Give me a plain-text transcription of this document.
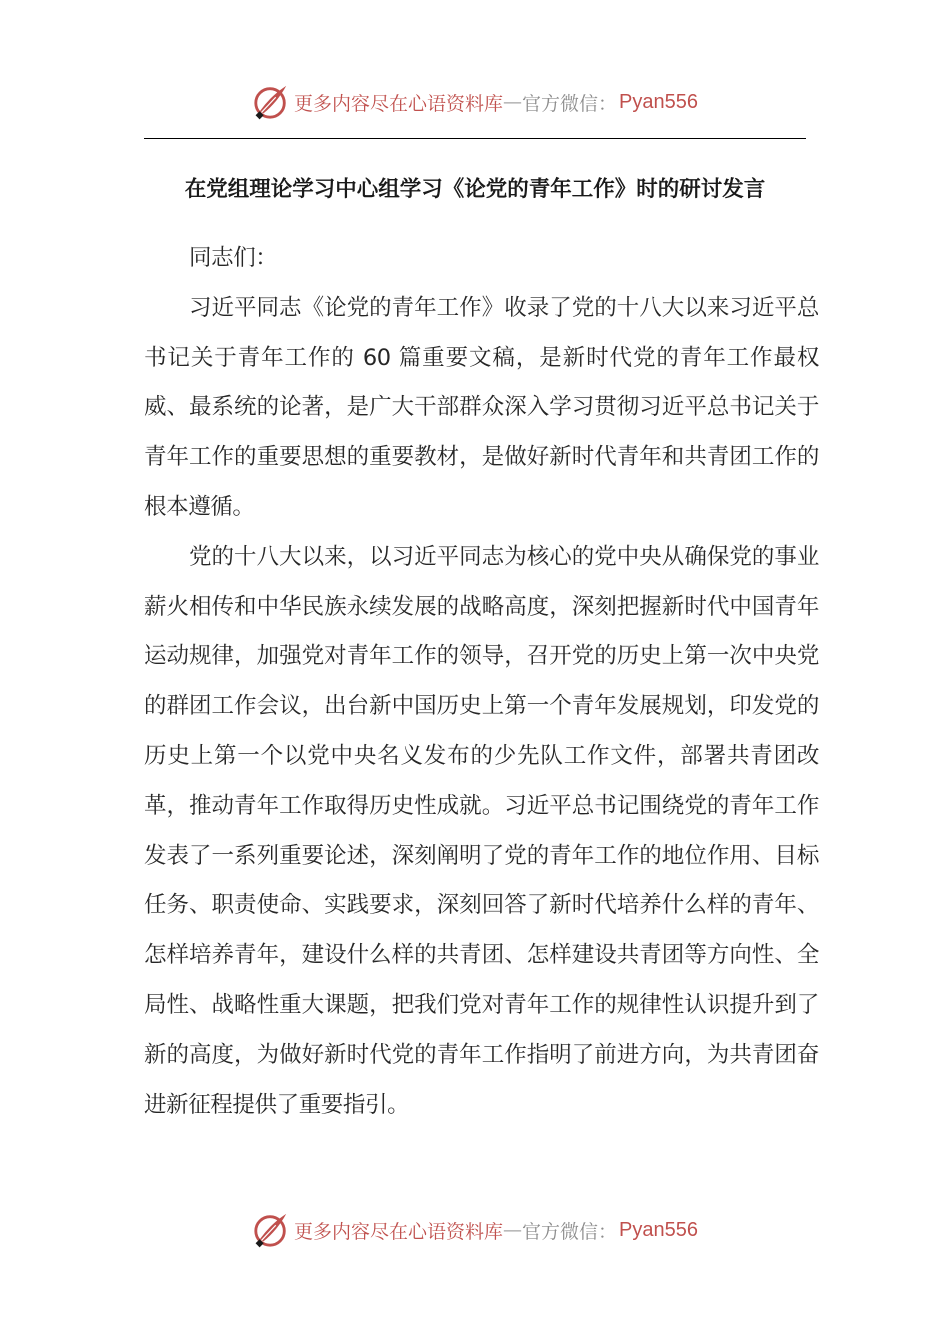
更多内容尽在心语资料库 — 官方微信： Pyan556
在党组理论学习中心组学习《论党的青年工作》时的研讨发言

同志们：

习近平同志《论党的青年工作》收录了党的十八大以来习近平总书记关于青年工作的 60 篇重要文稿，是新时代党的青年工作最权威、最系统的论著，是广大干部群众深入学习贯彻习近平总书记关于青年工作的重要思想的重要教材，是做好新时代青年和共青团工作的根本遵循。

党的十八大以来，以习近平同志为核心的党中央从确保党的事业薪火相传和中华民族永续发展的战略高度，深刻把握新时代中国青年运动规律，加强党对青年工作的领导，召开党的历史上第一次中央党的群团工作会议，出台新中国历史上第一个青年发展规划，印发党的历史上第一个以党中央名义发布的少先队工作文件，部署共青团改革，推动青年工作取得历史性成就。习近平总书记围绕党的青年工作发表了一系列重要论述，深刻阐明了党的青年工作的地位作用、目标任务、职责使命、实践要求，深刻回答了新时代培养什么样的青年、怎样培养青年，建设什么样的共青团、怎样建设共青团等方向性、全局性、战略性重大课题，把我们党对青年工作的规律性认识提升到了新的高度，为做好新时代党的青年工作指明了前进方向，为共青团奋进新征程提供了重要指引。

更多内容尽在心语资料库 — 官方微信： Pyan556
